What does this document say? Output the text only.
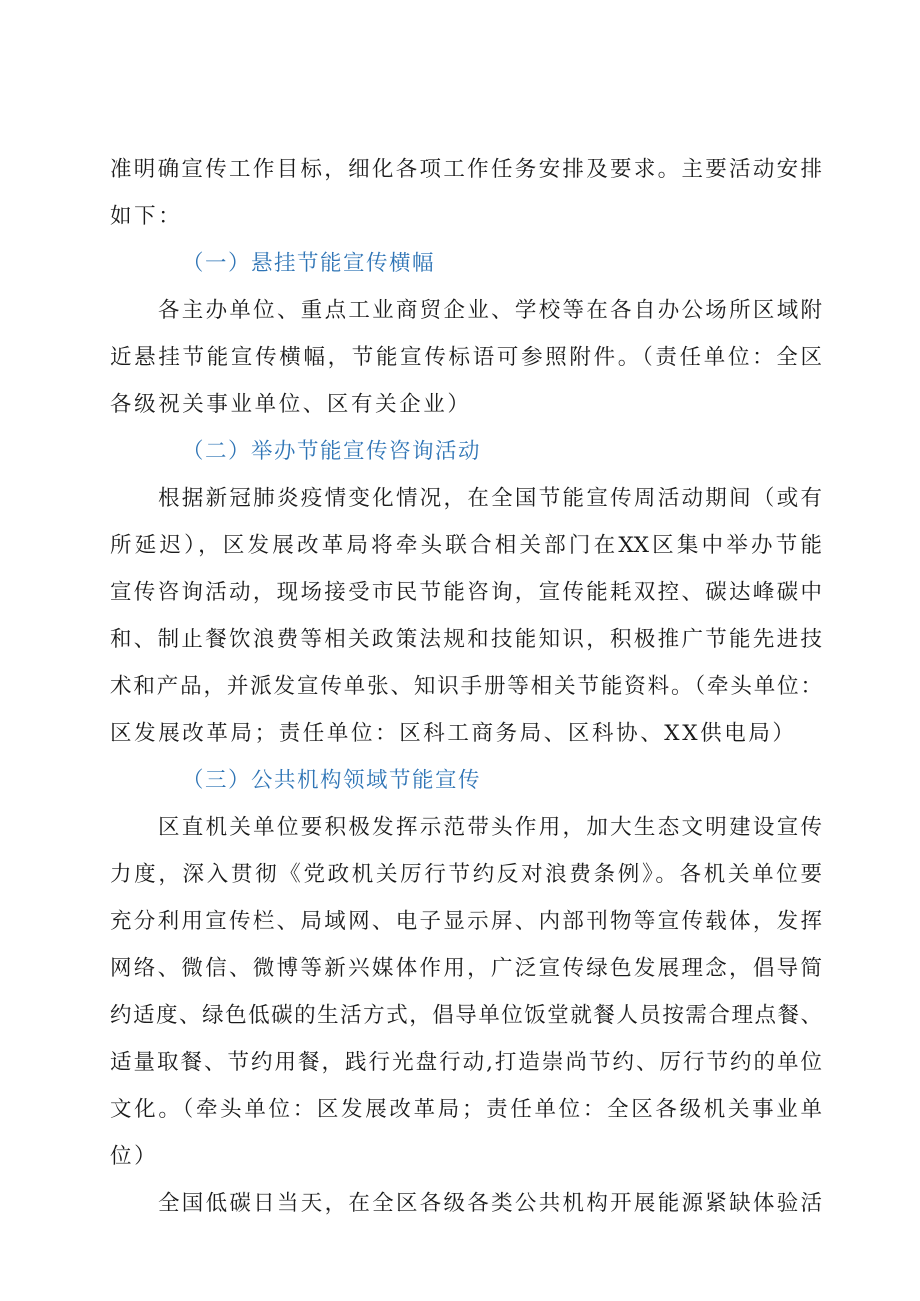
准明确宣传工作目标，细化各项工作任务安排及要求。主要活动安排
如下：
（一）悬挂节能宣传横幅
各主办单位、重点工业商贸企业、学校等在各自办公场所区域附
近悬挂节能宣传横幅，节能宣传标语可参照附件。（责任单位：全区
各级祝关事业单位、区有关企业）
（二）举办节能宣传咨询活动
根据新冠肺炎疫情变化情况，在全国节能宣传周活动期间（或有
所延迟），区发展改革局将牵头联合相关部门在XX区集中举办节能
宣传咨询活动，现场接受市民节能咨询，宣传能耗双控、碳达峰碳中
和、制止餐饮浪费等相关政策法规和技能知识，积极推广节能先进技
术和产品，并派发宣传单张、知识手册等相关节能资料。（牵头单位：
区发展改革局；责任单位：区科工商务局、区科协、XX供电局）
（三）公共机构领域节能宣传
区直机关单位要积极发挥示范带头作用，加大生态文明建设宣传
力度，深入贯彻《党政机关厉行节约反对浪费条例》。各机关单位要
充分利用宣传栏、局域网、电子显示屏、内部刊物等宣传载体，发挥
网络、微信、微博等新兴媒体作用，广泛宣传绿色发展理念，倡导简
约适度、绿色低碳的生活方式，倡导单位饭堂就餐人员按需合理点餐、
适量取餐、节约用餐，践行光盘行动,打造崇尚节约、厉行节约的单位
文化。（牵头单位：区发展改革局；责任单位：全区各级机关事业单
位）
全国低碳日当天，在全区各级各类公共机构开展能源紧缺体验活
